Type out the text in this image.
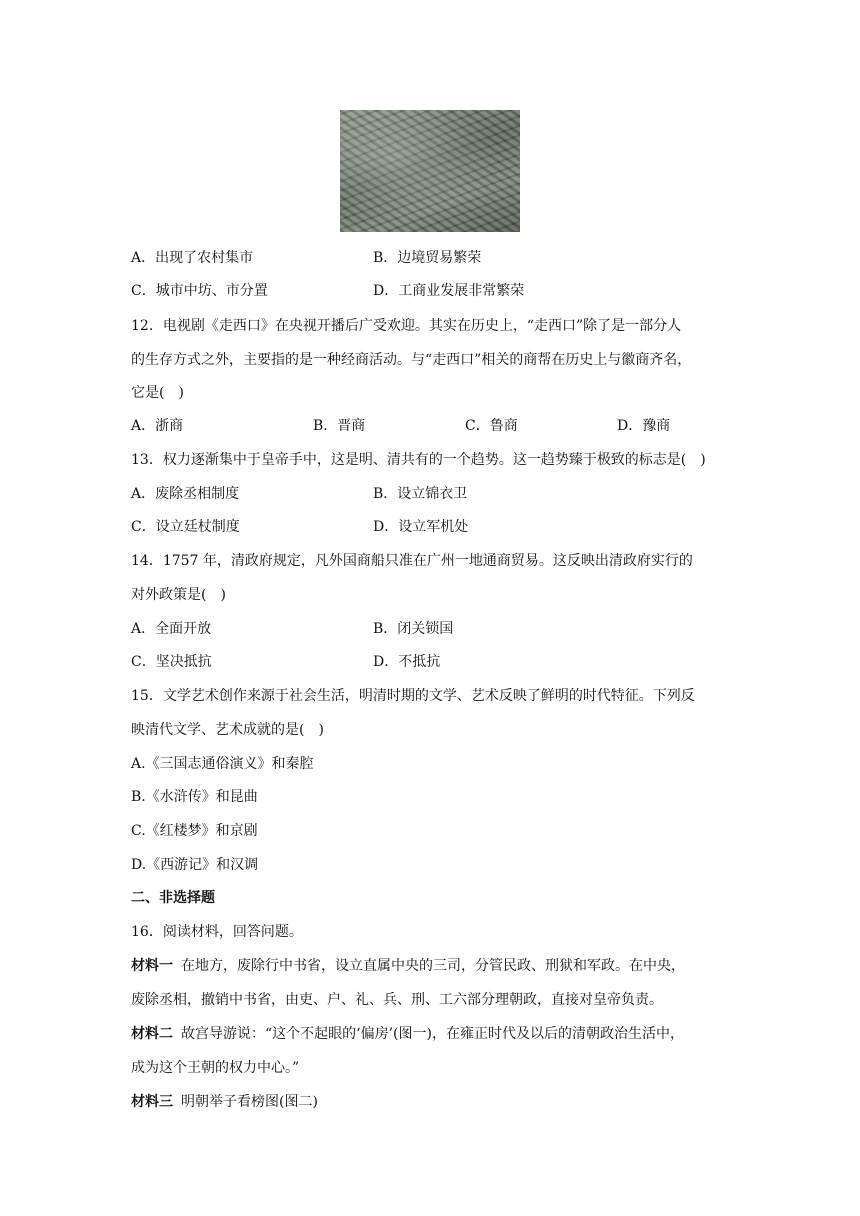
A．出现了农村集市	B．边境贸易繁荣
C．城市中坊、市分置	D．工商业发展非常繁荣
12．电视剧《走西口》在央视开播后广受欢迎。其实在历史上，“走西口”除了是一部分人
的生存方式之外，主要指的是一种经商活动。与“走西口”相关的商帮在历史上与徽商齐名，
它是(　)
A．浙商	B．晋商	C．鲁商	D．豫商
13．权力逐渐集中于皇帝手中，这是明、清共有的一个趋势。这一趋势臻于极致的标志是(　)
A．废除丞相制度	B．设立锦衣卫
C．设立廷杖制度	D．设立军机处
14．1757 年，清政府规定，凡外国商船只准在广州一地通商贸易。这反映出清政府实行的
对外政策是(　)
A．全面开放	B．闭关锁国
C．坚决抵抗	D．不抵抗
15．文学艺术创作来源于社会生活，明清时期的文学、艺术反映了鲜明的时代特征。下列反
映清代文学、艺术成就的是(　)
A.《三国志通俗演义》和秦腔
B.《水浒传》和昆曲
C.《红楼梦》和京剧
D.《西游记》和汉调
二、非选择题
16．阅读材料，回答问题。
材料一 在地方，废除行中书省，设立直属中央的三司，分管民政、刑狱和军政。在中央，
废除丞相，撤销中书省，由吏、户、礼、兵、刑、工六部分理朝政，直接对皇帝负责。
材料二 故宫导游说：“这个不起眼的‘偏房’(图一)，在雍正时代及以后的清朝政治生活中，
成为这个王朝的权力中心。”
材料三 明朝举子看榜图(图二)
